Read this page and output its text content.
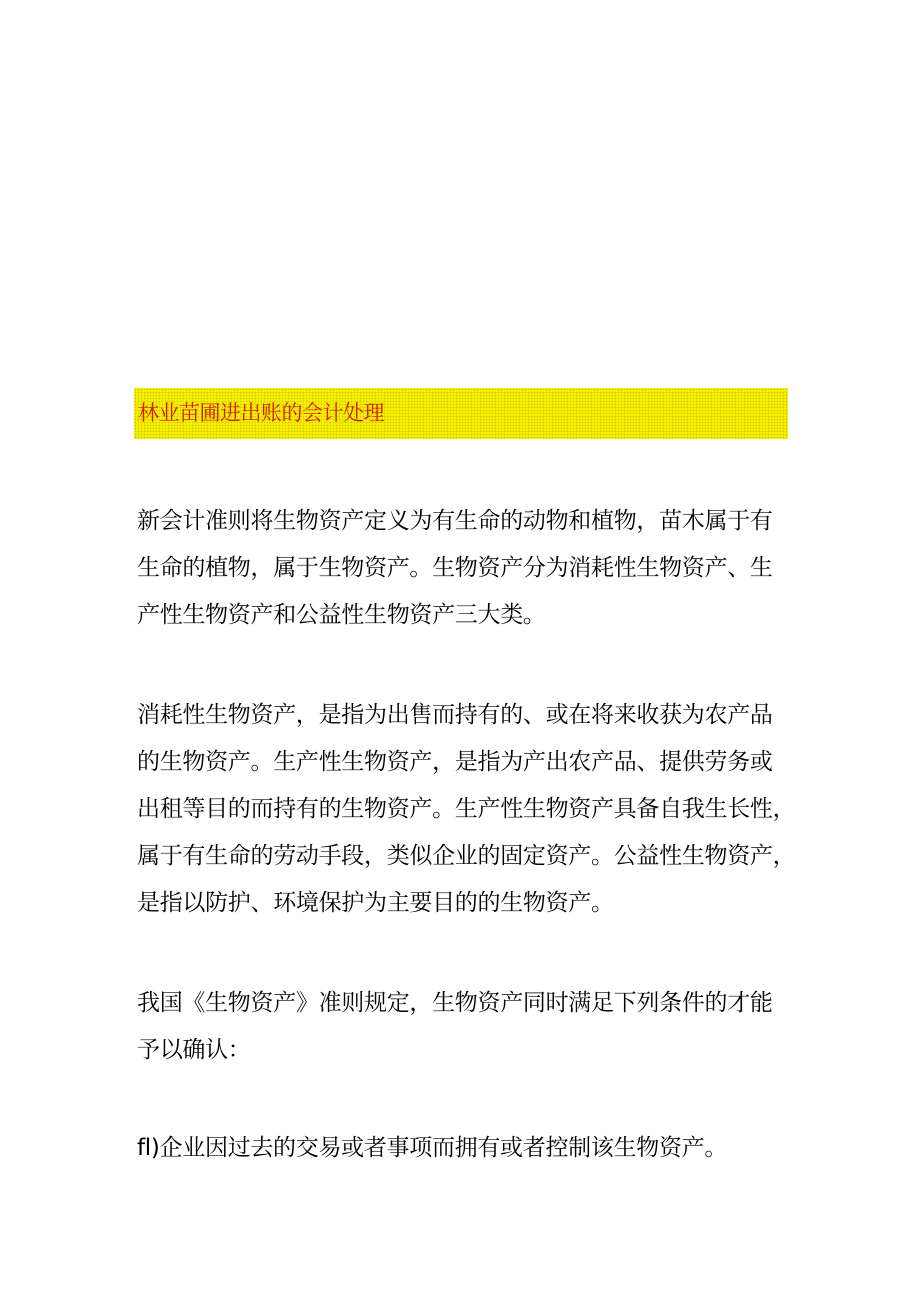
林业苗圃进出账的会计处理
新会计准则将生物资产定义为有生命的动物和植物，苗木属于有
生命的植物，属于生物资产。生物资产分为消耗性生物资产、生
产性生物资产和公益性生物资产三大类。
消耗性生物资产，是指为出售而持有的、或在将来收获为农产品
的生物资产。生产性生物资产，是指为产出农产品、提供劳务或
出租等目的而持有的生物资产。生产性生物资产具备自我生长性，
属于有生命的劳动手段，类似企业的固定资产。公益性生物资产，
是指以防护、环境保护为主要目的的生物资产。
我国《生物资产》准则规定，生物资产同时满足下列条件的才能
予以确认：
fl)企业因过去的交易或者事项而拥有或者控制该生物资产。
